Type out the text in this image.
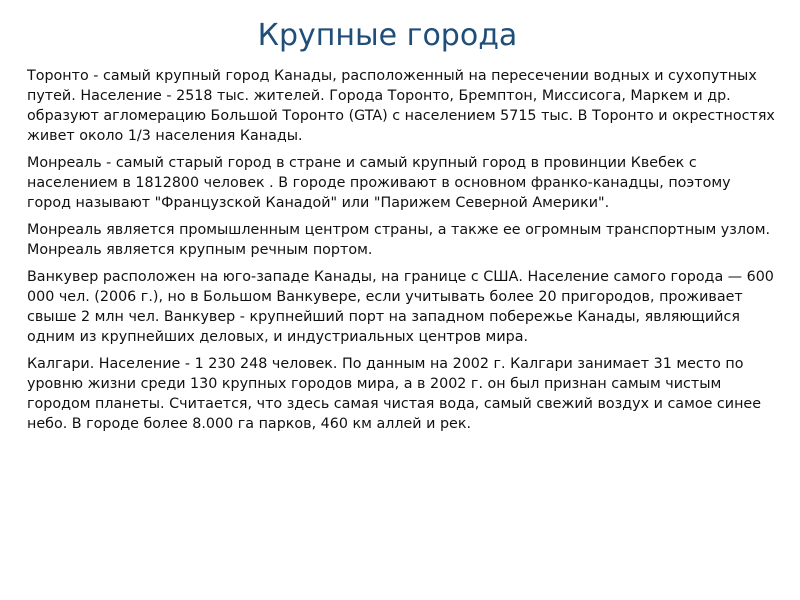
Крупные города

Торонто - самый крупный город Канады, расположенный на пересечении водных и сухопутных путей. Население - 2518 тыс. жителей. Города Торонто, Бремптон, Миссисога, Маркем и др. образуют агломерацию Большой Торонто (GTA) с населением 5715 тыс. В Торонто и окрестностях живет около 1/3 населения Канады.

Монреаль - самый старый город в стране и самый крупный город в провинции Квебек с населением в 1812800 человек . В городе проживают в основном франко-канадцы, поэтому город называют "Французской Канадой" или "Парижем Северной Америки".

Монреаль является промышленным центром страны, а также ее огромным транспортным узлом. Монреаль является крупным речным портом.

Ванкувер расположен на юго-западе Канады, на границе с США. Население самого города — 600 000 чел. (2006 г.), но в Большом Ванкувере, если учитывать более 20 пригородов, проживает свыше 2 млн чел. Ванкувер - крупнейший порт на западном побережье Канады, являющийся одним из крупнейших деловых, и индустриальных центров мира.

Калгари. Население - 1 230 248 человек. По данным на 2002 г. Калгари занимает 31 место по уровню жизни среди 130 крупных городов мира, а в 2002 г. он был признан самым чистым городом планеты. Считается, что здесь самая чистая вода, самый свежий воздух и самое синее небо. В городе более 8.000 га парков, 460 км аллей и рек.
